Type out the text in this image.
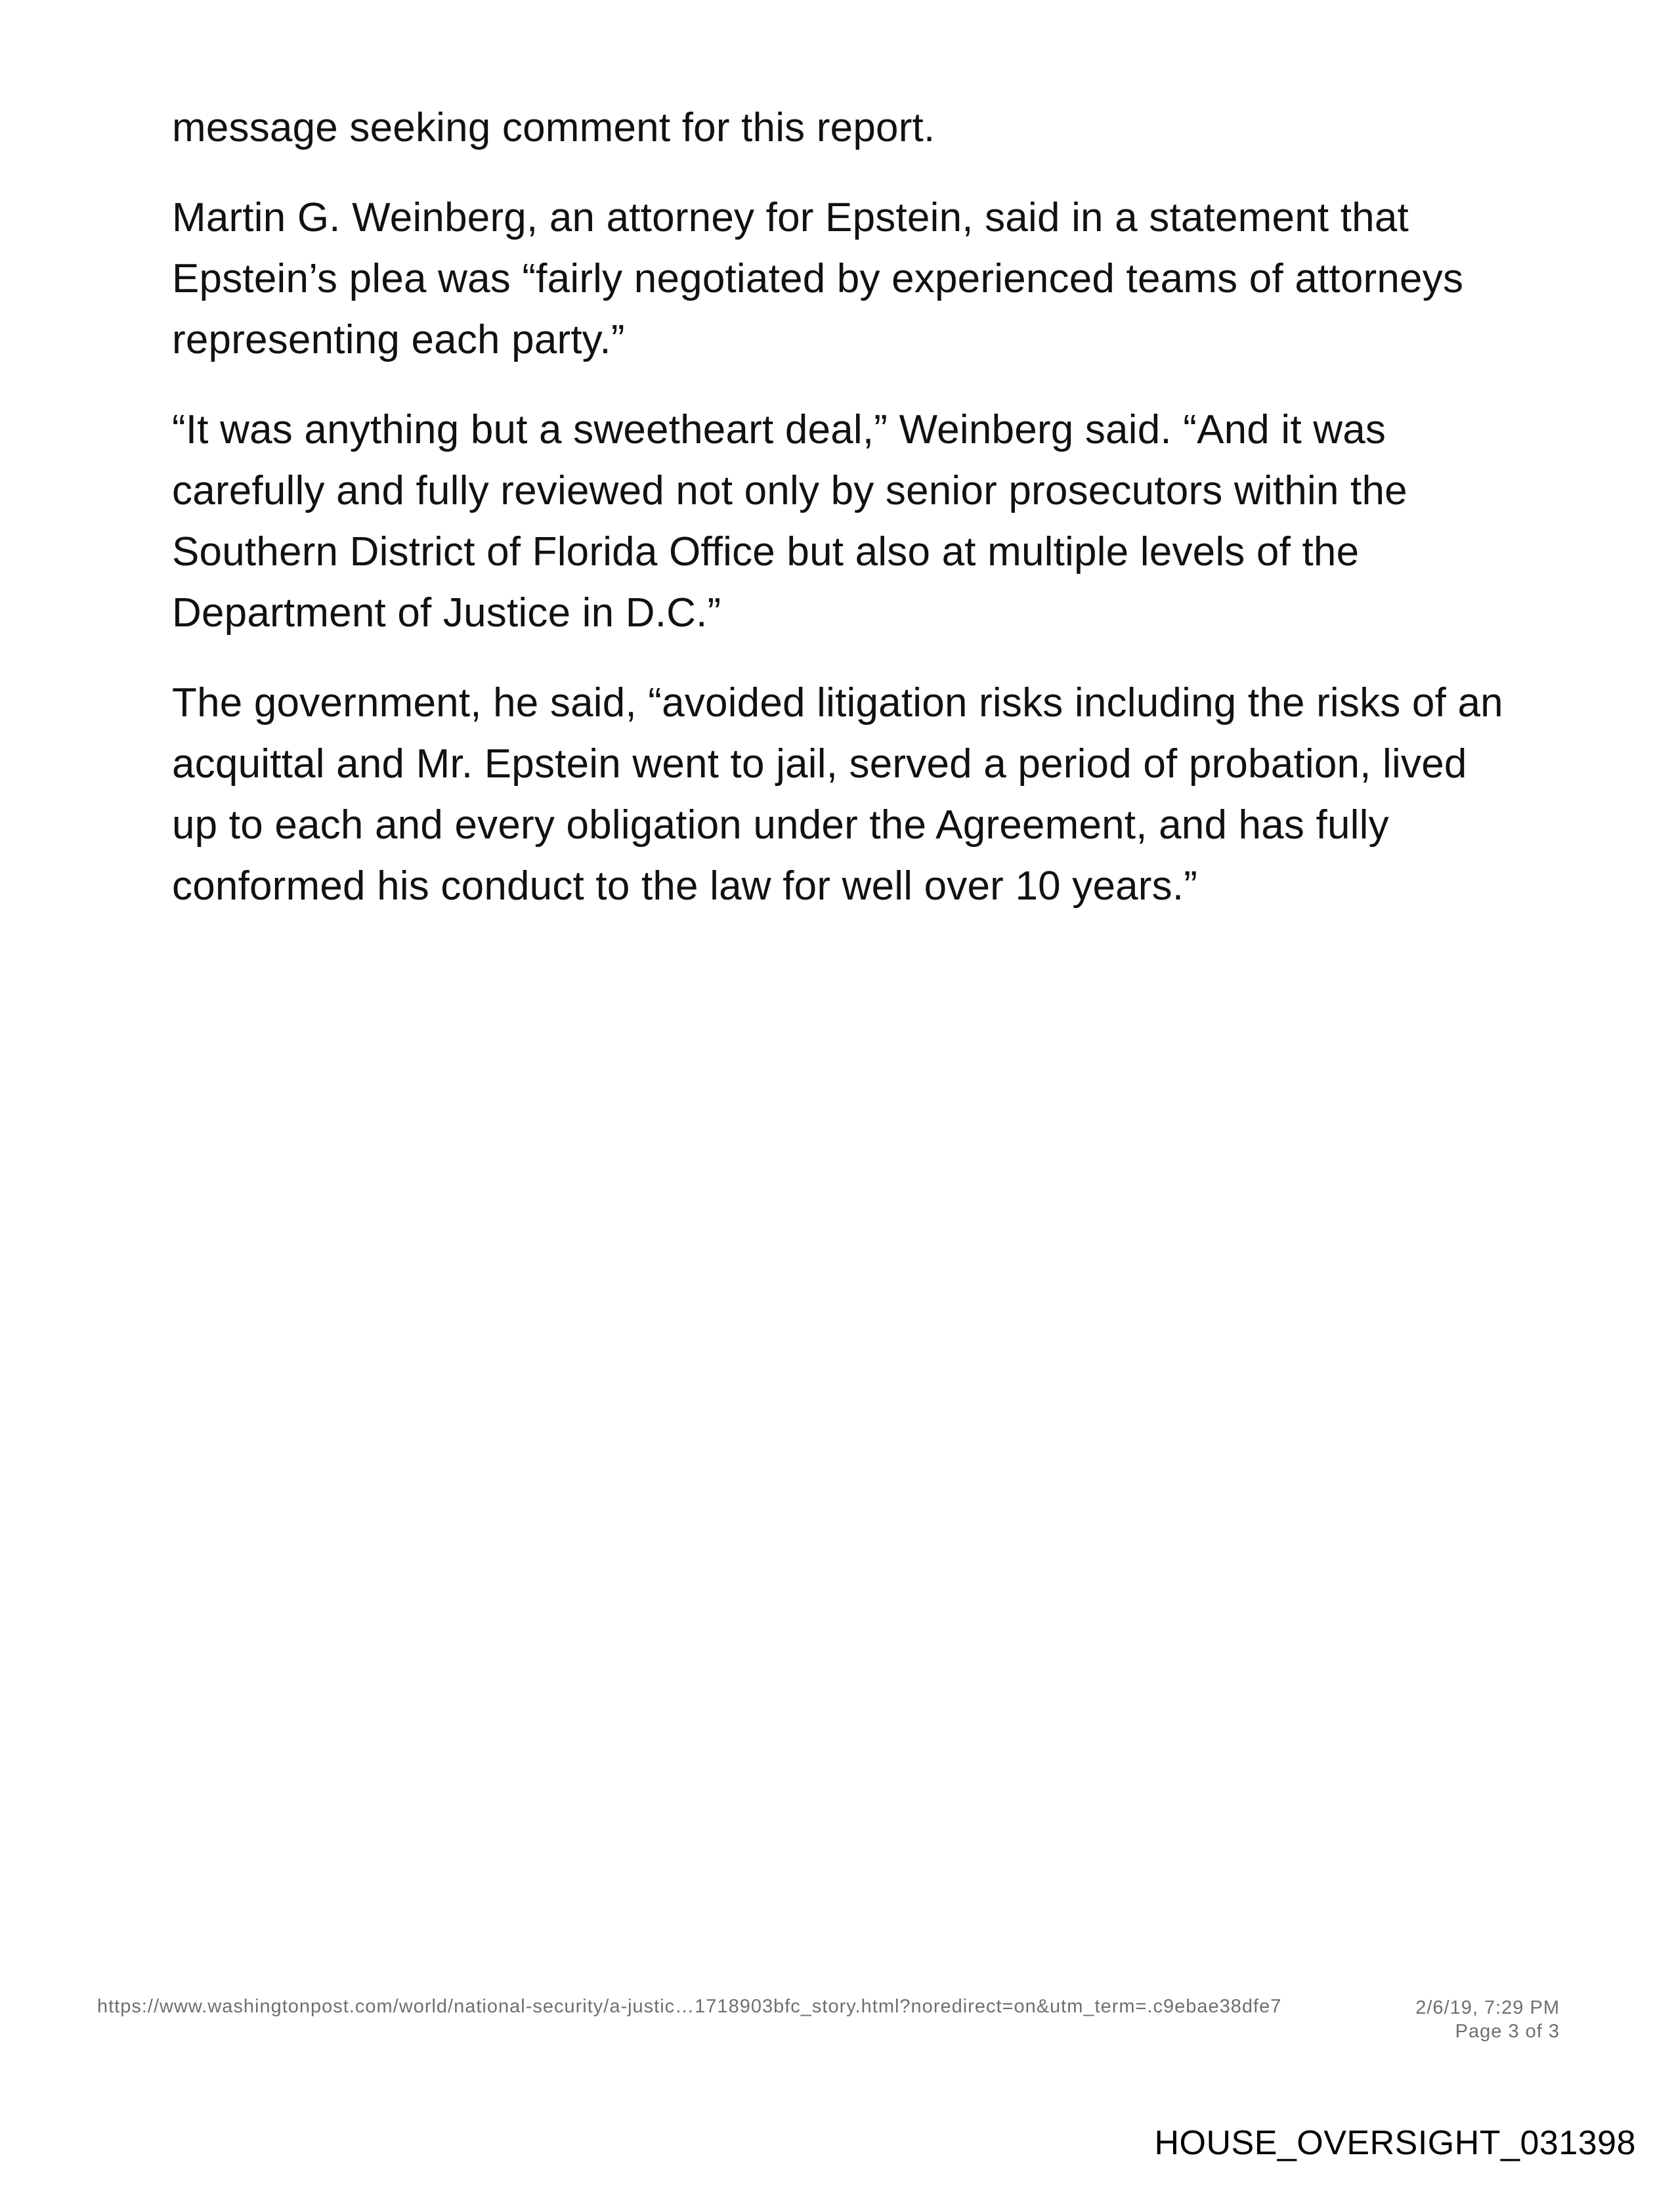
message seeking comment for this report.

Martin G. Weinberg, an attorney for Epstein, said in a statement that Epstein’s plea was “fairly negotiated by experienced teams of attorneys representing each party.”

“It was anything but a sweetheart deal,” Weinberg said. “And it was carefully and fully reviewed not only by senior prosecutors within the Southern District of Florida Office but also at multiple levels of the Department of Justice in D.C.”

The government, he said, “avoided litigation risks including the risks of an acquittal and Mr. Epstein went to jail, served a period of probation, lived up to each and every obligation under the Agreement, and has fully conformed his conduct to the law for well over 10 years.”

https://www.washingtonpost.com/world/national-security/a-justic…1718903bfc_story.html?noredirect=on&utm_term=.c9ebae38dfe7	2/6/19, 7:29 PM
Page 3 of 3
HOUSE_OVERSIGHT_031398
